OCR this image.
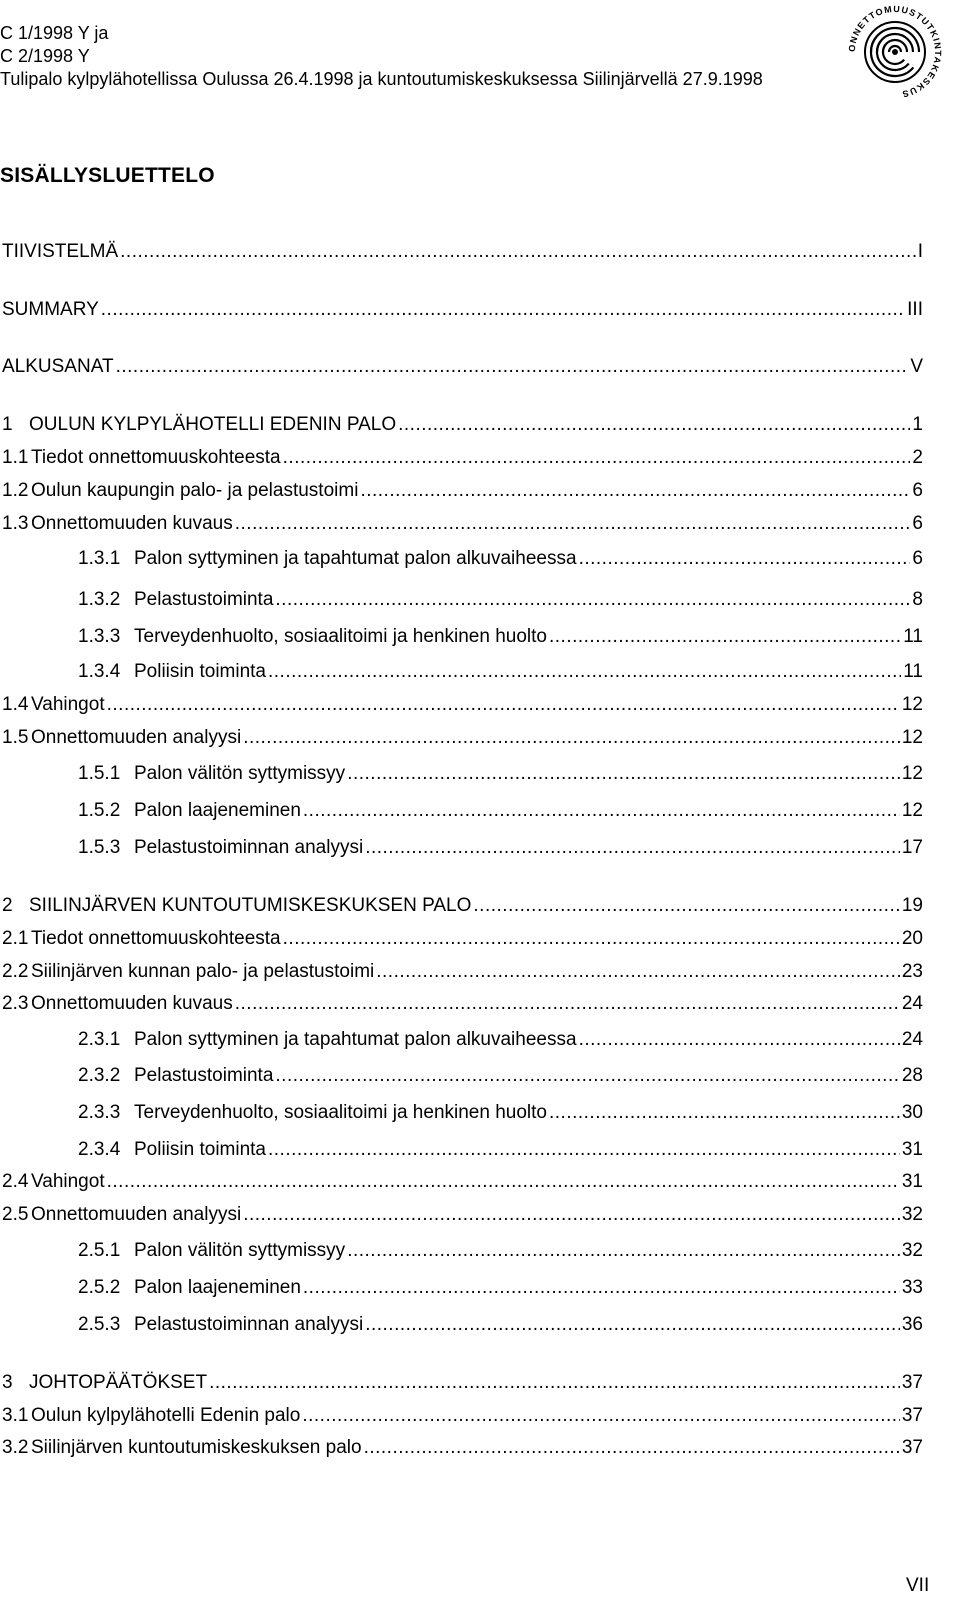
C 1/1998 Y ja
C 2/1998 Y
Tulipalo kylpylähotellissa Oulussa 26.4.1998 ja kuntoutumiskeskuksessa Siilinjärvellä 27.9.1998
ONNETTOMUUSTUTKINTAKESKUS
SISÄLLYSLUETTELO
TIIVISTELMÄ .....	I
SUMMARY .....	III
ALKUSANAT .....	V
1 OULUN KYLPYLÄHOTELLI EDENIN PALO .....	1
1.1 Tiedot onnettomuuskohteesta .....	2
1.2 Oulun kaupungin palo- ja pelastustoimi .....	6
1.3 Onnettomuuden kuvaus .....	6
1.3.1 Palon syttyminen ja tapahtumat palon alkuvaiheessa .....	6
1.3.2 Pelastustoiminta .....	8
1.3.3 Terveydenhuolto, sosiaalitoimi ja henkinen huolto .....	11
1.3.4 Poliisin toiminta .....	11
1.4 Vahingot .....	12
1.5 Onnettomuuden analyysi .....	12
1.5.1 Palon välitön syttymissyy .....	12
1.5.2 Palon laajeneminen .....	12
1.5.3 Pelastustoiminnan analyysi .....	17
2 SIILINJÄRVEN KUNTOUTUMISKESKUKSEN PALO .....	19
2.1 Tiedot onnettomuuskohteesta .....	20
2.2 Siilinjärven kunnan palo- ja pelastustoimi .....	23
2.3 Onnettomuuden kuvaus .....	24
2.3.1 Palon syttyminen ja tapahtumat palon alkuvaiheessa .....	24
2.3.2 Pelastustoiminta .....	28
2.3.3 Terveydenhuolto, sosiaalitoimi ja henkinen huolto .....	30
2.3.4 Poliisin toiminta .....	31
2.4 Vahingot .....	31
2.5 Onnettomuuden analyysi .....	32
2.5.1 Palon välitön syttymissyy .....	32
2.5.2 Palon laajeneminen .....	33
2.5.3 Pelastustoiminnan analyysi .....	36
3 JOHTOPÄÄTÖKSET .....	37
3.1 Oulun kylpylähotelli Edenin palo .....	37
3.2 Siilinjärven kuntoutumiskeskuksen palo .....	37
VII
